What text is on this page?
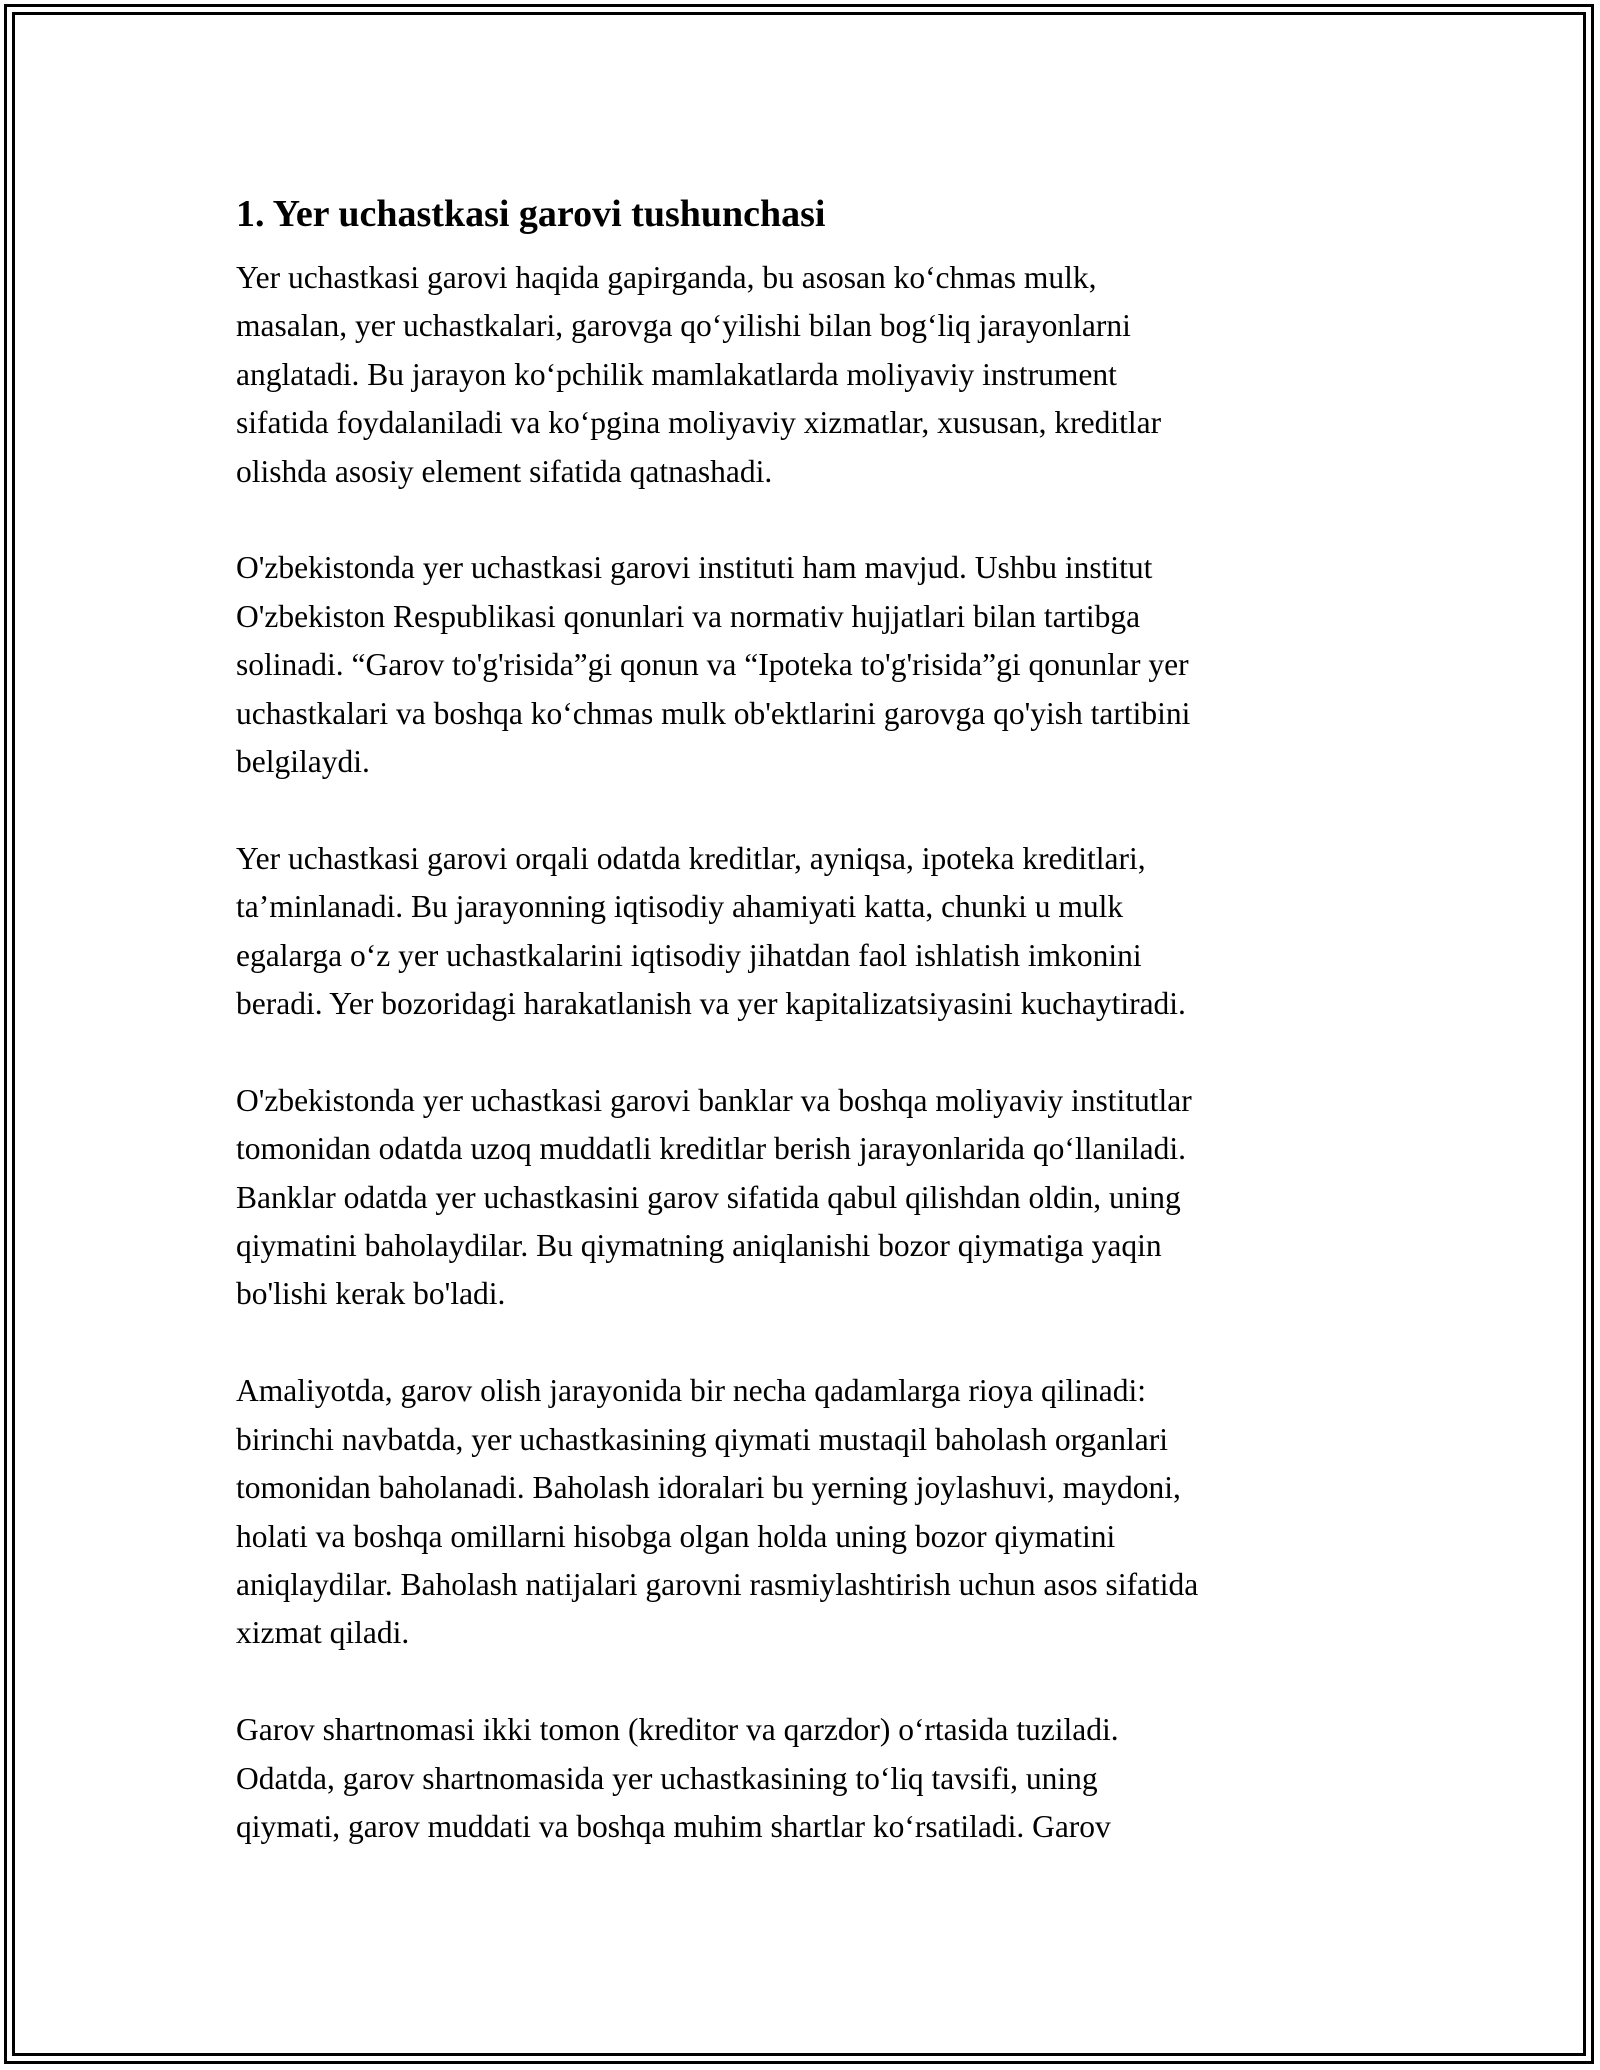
1. Yer uchastkasi garovi tushunchasi

Yer uchastkasi garovi haqida gapirganda, bu asosan ko‘chmas mulk,
masalan, yer uchastkalari, garovga qo‘yilishi bilan bog‘liq jarayonlarni
anglatadi. Bu jarayon ko‘pchilik mamlakatlarda moliyaviy instrument
sifatida foydalaniladi va ko‘pgina moliyaviy xizmatlar, xususan, kreditlar
olishda asosiy element sifatida qatnashadi.

O'zbekistonda yer uchastkasi garovi instituti ham mavjud. Ushbu institut
O'zbekiston Respublikasi qonunlari va normativ hujjatlari bilan tartibga
solinadi. “Garov to'g'risida”gi qonun va “Ipoteka to'g'risida”gi qonunlar yer
uchastkalari va boshqa ko‘chmas mulk ob'ektlarini garovga qo'yish tartibini
belgilaydi.

Yer uchastkasi garovi orqali odatda kreditlar, ayniqsa, ipoteka kreditlari,
ta’minlanadi. Bu jarayonning iqtisodiy ahamiyati katta, chunki u mulk
egalarga o‘z yer uchastkalarini iqtisodiy jihatdan faol ishlatish imkonini
beradi. Yer bozoridagi harakatlanish va yer kapitalizatsiyasini kuchaytiradi.

O'zbekistonda yer uchastkasi garovi banklar va boshqa moliyaviy institutlar
tomonidan odatda uzoq muddatli kreditlar berish jarayonlarida qo‘llaniladi.
Banklar odatda yer uchastkasini garov sifatida qabul qilishdan oldin, uning
qiymatini baholaydilar. Bu qiymatning aniqlanishi bozor qiymatiga yaqin
bo'lishi kerak bo'ladi.

Amaliyotda, garov olish jarayonida bir necha qadamlarga rioya qilinadi:
birinchi navbatda, yer uchastkasining qiymati mustaqil baholash organlari
tomonidan baholanadi. Baholash idoralari bu yerning joylashuvi, maydoni,
holati va boshqa omillarni hisobga olgan holda uning bozor qiymatini
aniqlaydilar. Baholash natijalari garovni rasmiylashtirish uchun asos sifatida
xizmat qiladi.

Garov shartnomasi ikki tomon (kreditor va qarzdor) o‘rtasida tuziladi.
Odatda, garov shartnomasida yer uchastkasining to‘liq tavsifi, uning
qiymati, garov muddati va boshqa muhim shartlar ko‘rsatiladi. Garov
